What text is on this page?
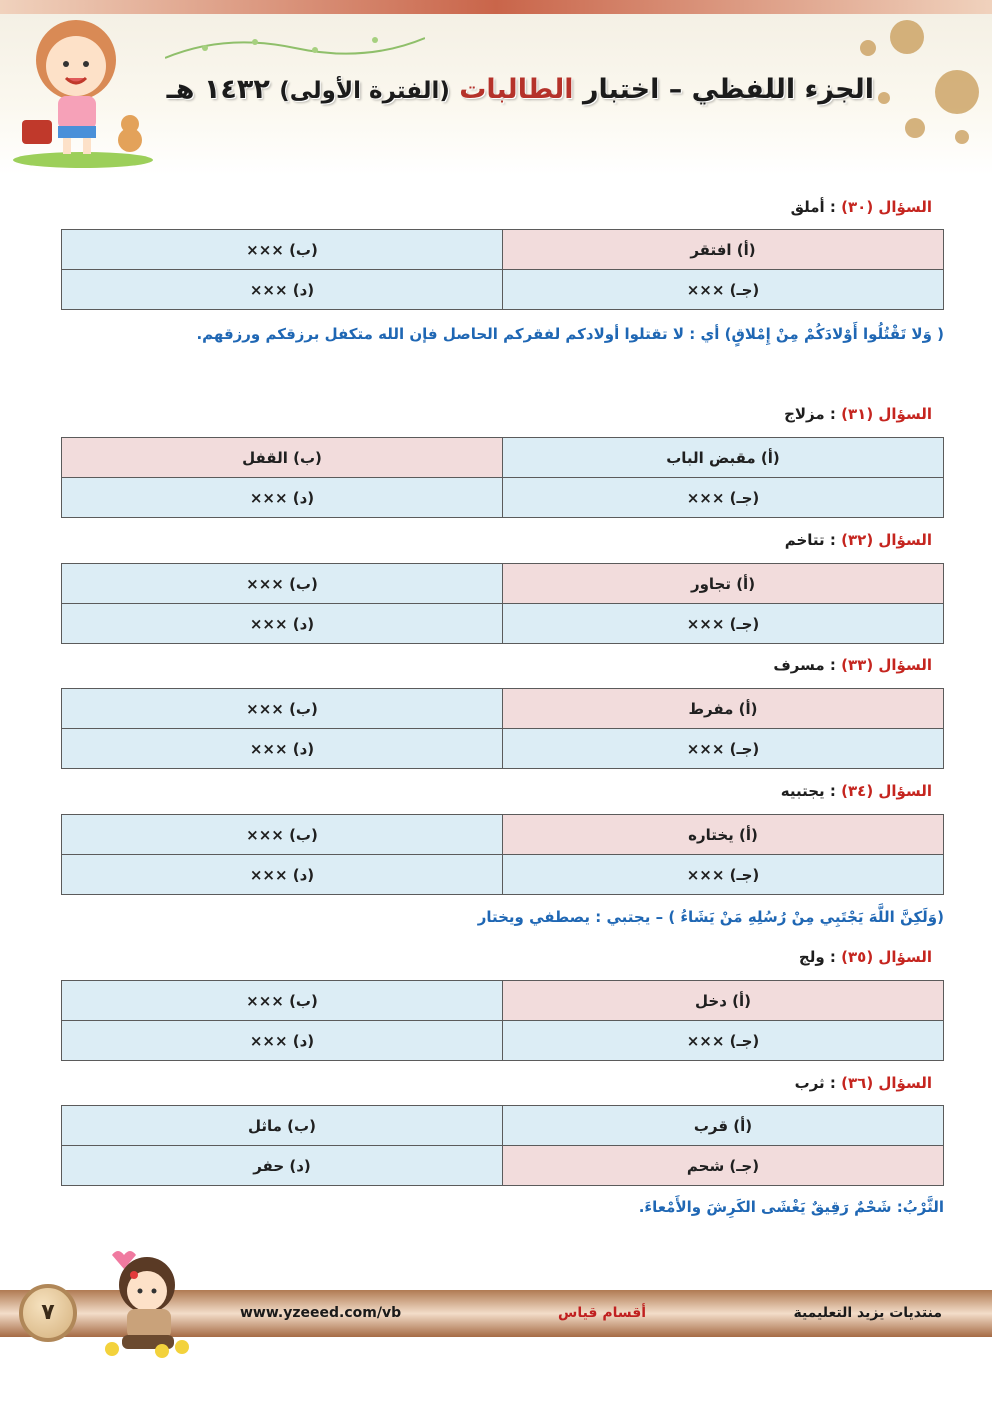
الجزء اللفظي – اختبار الطالبات (الفترة الأولى) ١٤٣٢ هـ
السؤال (٣٠) : أملق
(أ) افتقر	(ب) ×××
(جـ) ×××	(د) ×××
( وَلا تَقْتُلُوا أَوْلادَكُمْ مِنْ إِمْلاقٍ) أي : لا تقتلوا أولادكم لفقركم الحاصل فإن الله متكفل برزقكم ورزقهم.
السؤال (٣١) : مزلاج
(أ) مقبض الباب	(ب) القفل
(جـ) ×××	(د) ×××
السؤال (٣٢) : تتاخم
(أ) تجاور	(ب) ×××
(جـ) ×××	(د) ×××
السؤال (٣٣) : مسرف
(أ) مفرط	(ب) ×××
(جـ) ×××	(د) ×××
السؤال (٣٤) : يجتبيه
(أ) يختاره	(ب) ×××
(جـ) ×××	(د) ×××
(وَلَكِنَّ اللَّهَ يَجْتَبِي مِنْ رُسُلِهِ مَنْ يَشَاءُ ) – يجتبي : يصطفي ويختار
السؤال (٣٥) : ولج
(أ) دخل	(ب) ×××
(جـ) ×××	(د) ×××
السؤال (٣٦) : ثرب
(أ) قرب	(ب) ماثل
(جـ) شحم	(د) حفر
الثَّرْبُ: شَحْمٌ رَقِيقٌ يَغْشَى الكَرِشَ والأَمْعاءَ.
٧	www.yzeeed.com/vb	أقسام قياس	منتديات يزيد التعليمية
